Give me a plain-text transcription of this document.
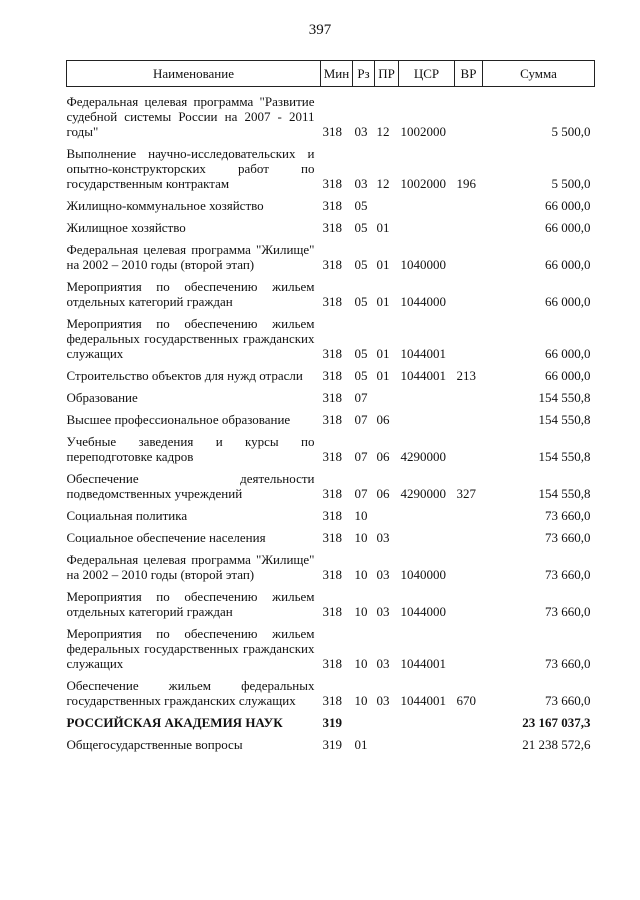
397
Наименование	Мин	Рз	ПР	ЦСР	ВР	Сумма

Федеральная целевая программа "Развитие судебной системы России на 2007 - 2011 годы"	318	03	12	1002000		5 500,0

Выполнение научно-исследовательских и опытно-конструкторских работ по государственным контрактам	318	03	12	1002000	196	5 500,0

Жилищно-коммунальное хозяйство	318	05				66 000,0

Жилищное хозяйство	318	05	01			66 000,0

Федеральная целевая программа "Жилище" на 2002 – 2010 годы (второй этап)	318	05	01	1040000		66 000,0

Мероприятия по обеспечению жильем отдельных категорий граждан	318	05	01	1044000		66 000,0

Мероприятия по обеспечению жильем федеральных государственных гражданских служащих	318	05	01	1044001		66 000,0

Строительство объектов для нужд отрасли	318	05	01	1044001	213	66 000,0

Образование	318	07				154 550,8

Высшее профессиональное образование	318	07	06			154 550,8

Учебные заведения и курсы по переподготовке кадров	318	07	06	4290000		154 550,8

Обеспечение деятельности подведомственных учреждений	318	07	06	4290000	327	154 550,8

Социальная политика	318	10				73 660,0

Социальное обеспечение населения	318	10	03			73 660,0

Федеральная целевая программа "Жилище" на 2002 – 2010 годы (второй этап)	318	10	03	1040000		73 660,0

Мероприятия по обеспечению жильем отдельных категорий граждан	318	10	03	1044000		73 660,0

Мероприятия по обеспечению жильем федеральных государственных гражданских служащих	318	10	03	1044001		73 660,0

Обеспечение жильем федеральных государственных гражданских служащих	318	10	03	1044001	670	73 660,0

РОССИЙСКАЯ АКАДЕМИЯ НАУК	319					23 167 037,3

Общегосударственные вопросы	319	01				21 238 572,6
